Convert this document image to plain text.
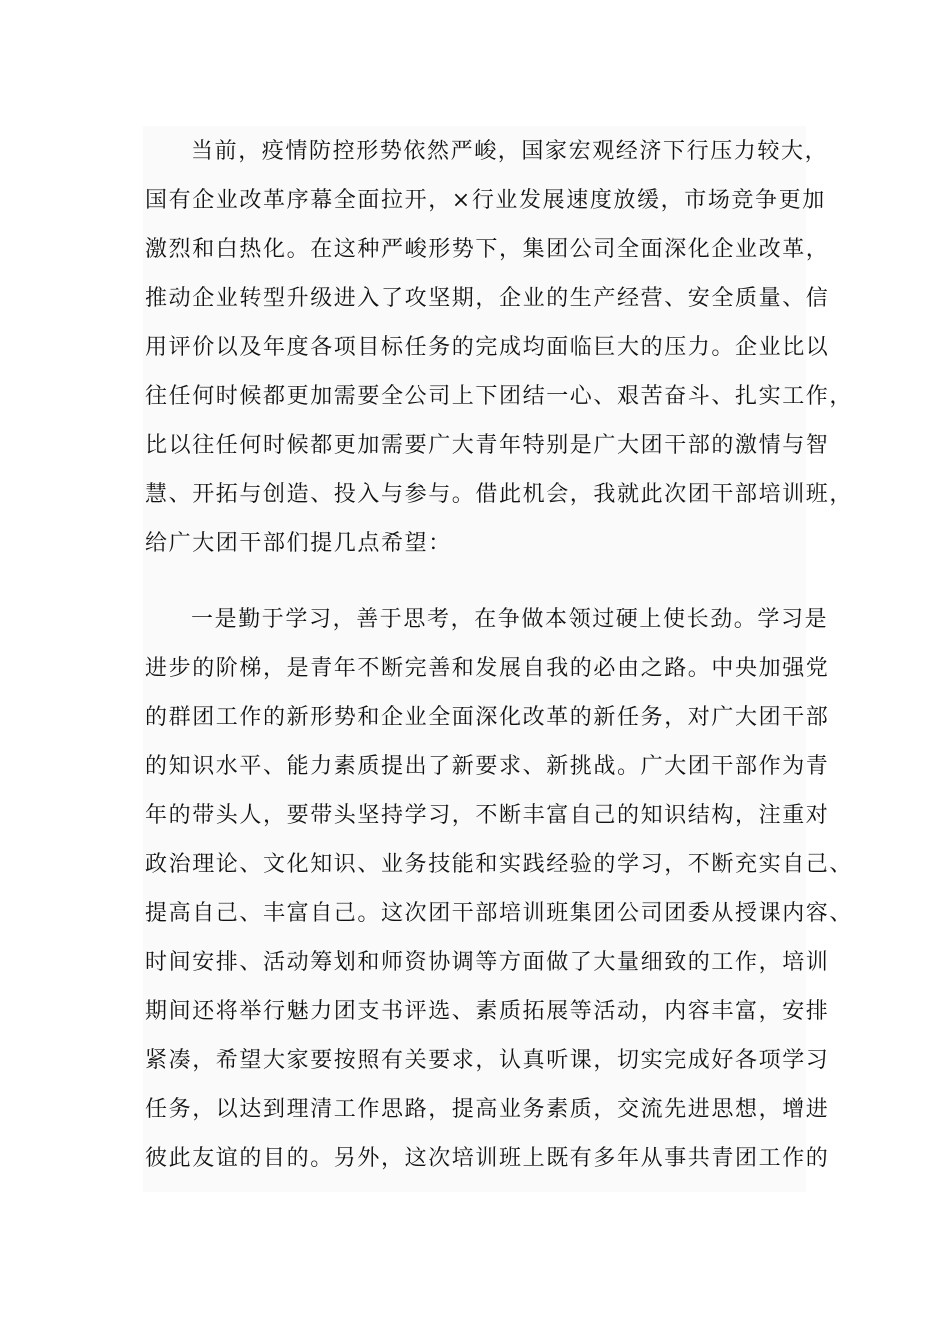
当前，疫情防控形势依然严峻，国家宏观经济下行压力较大，
国有企业改革序幕全面拉开，×行业发展速度放缓，市场竞争更加
激烈和白热化。在这种严峻形势下，集团公司全面深化企业改革，
推动企业转型升级进入了攻坚期，企业的生产经营、安全质量、信
用评价以及年度各项目标任务的完成均面临巨大的压力。企业比以
往任何时候都更加需要全公司上下团结一心、艰苦奋斗、扎实工作，
比以往任何时候都更加需要广大青年特别是广大团干部的激情与智
慧、开拓与创造、投入与参与。借此机会，我就此次团干部培训班，
给广大团干部们提几点希望：
一是勤于学习，善于思考，在争做本领过硬上使长劲。学习是
进步的阶梯，是青年不断完善和发展自我的必由之路。中央加强党
的群团工作的新形势和企业全面深化改革的新任务，对广大团干部
的知识水平、能力素质提出了新要求、新挑战。广大团干部作为青
年的带头人，要带头坚持学习，不断丰富自己的知识结构，注重对
政治理论、文化知识、业务技能和实践经验的学习，不断充实自己、
提高自己、丰富自己。这次团干部培训班集团公司团委从授课内容、
时间安排、活动筹划和师资协调等方面做了大量细致的工作，培训
期间还将举行魅力团支书评选、素质拓展等活动，内容丰富，安排
紧凑，希望大家要按照有关要求，认真听课，切实完成好各项学习
任务，以达到理清工作思路，提高业务素质，交流先进思想，增进
彼此友谊的目的。另外，这次培训班上既有多年从事共青团工作的
